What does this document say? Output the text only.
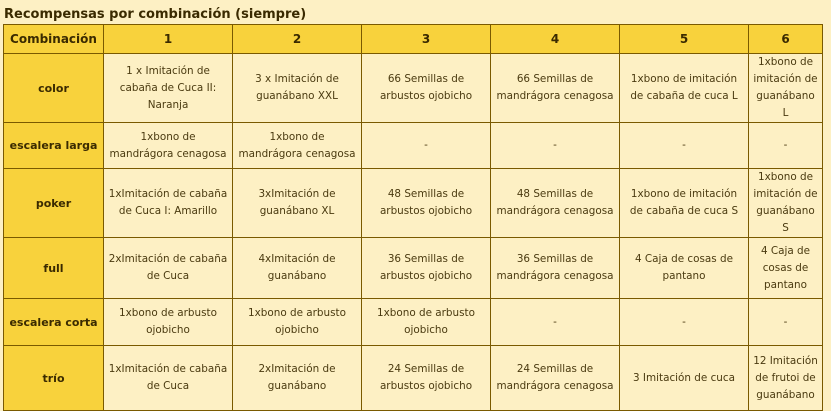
Recompensas por combinación (siempre)
Combinación	1	2	3	4	5	6
color	1 x Imitación de cabaña de Cuca II: Naranja	3 x Imitación de guanábano XXL	66 Semillas de arbustos ojobicho	66 Semillas de mandrágora cenagosa	1xbono de imitación de cabaña de cuca L	1xbono de imitación de guanábano L
escalera larga	1xbono de mandrágora cenagosa	1xbono de mandrágora cenagosa	-	-	-	-
poker	1xImitación de cabaña de Cuca I: Amarillo	3xImitación de guanábano XL	48 Semillas de arbustos ojobicho	48 Semillas de mandrágora cenagosa	1xbono de imitación de cabaña de cuca S	1xbono de imitación de guanábano S
full	2xImitación de cabaña de Cuca	4xImitación de guanábano	36 Semillas de arbustos ojobicho	36 Semillas de mandrágora cenagosa	4 Caja de cosas de pantano	4 Caja de cosas de pantano
escalera corta	1xbono de arbusto ojobicho	1xbono de arbusto ojobicho	1xbono de arbusto ojobicho	-	-	-
trío	1xImitación de cabaña de Cuca	2xImitación de guanábano	24 Semillas de arbustos ojobicho	24 Semillas de mandrágora cenagosa	3 Imitación de cuca	12 Imitación de frutoi de guanábano
